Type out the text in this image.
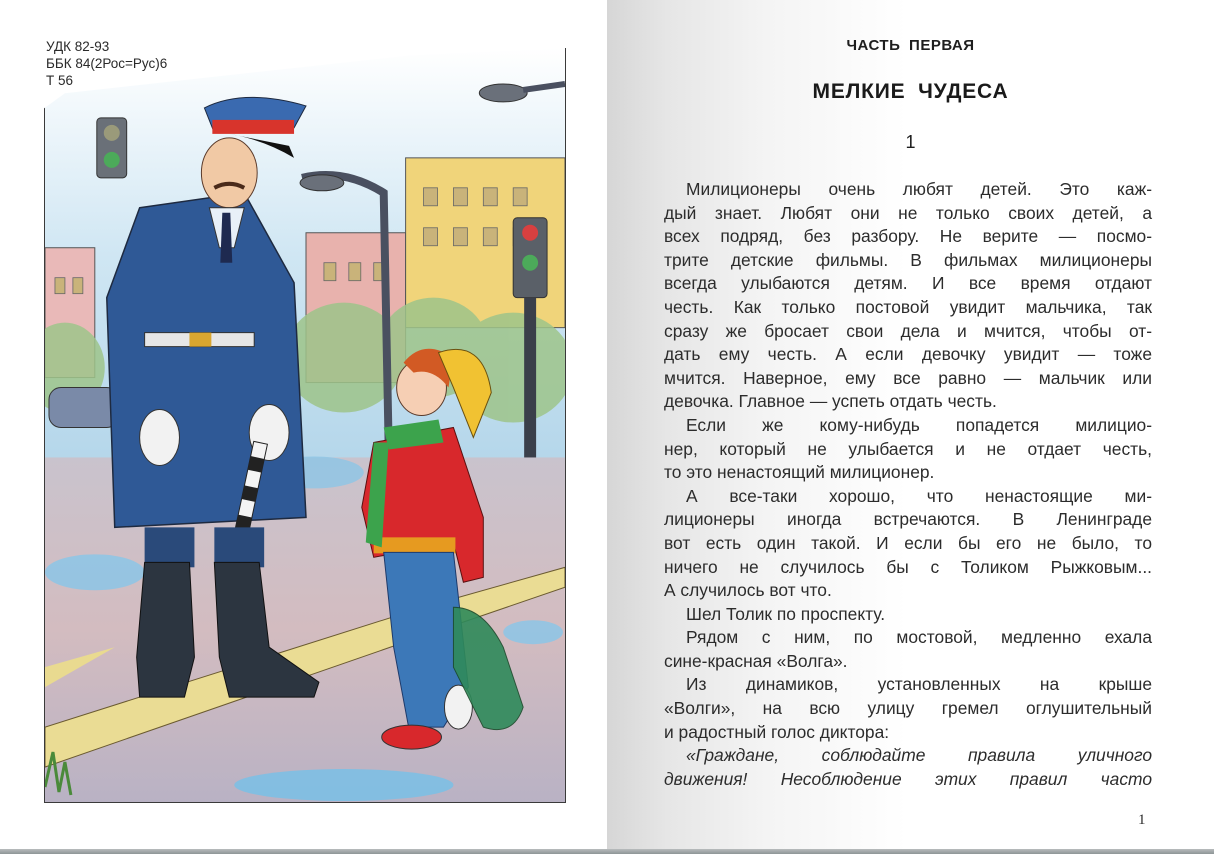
УДК 82-93
ББК 84(2Рос=Рус)6
Т 56
ЧАСТЬ ПЕРВАЯ
МЕЛКИЕ ЧУДЕСА
1
Милиционеры очень любят детей. Это каж-
дый знает. Любят они не только своих детей, а
всех подряд, без разбору. Не верите — посмо-
трите детские фильмы. В фильмах милиционеры
всегда улыбаются детям. И все время отдают
честь. Как только постовой увидит мальчика, так
сразу же бросает свои дела и мчится, чтобы от-
дать ему честь. А если девочку увидит — тоже
мчится. Наверное, ему все равно — мальчик или
девочка. Главное — успеть отдать честь.
Если же кому-нибудь попадется милицио-
нер, который не улыбается и не отдает честь,
то это ненастоящий милиционер.
А все-таки хорошо, что ненастоящие ми-
лиционеры иногда встречаются. В Ленинграде
вот есть один такой. И если бы его не было, то
ничего не случилось бы с Толиком Рыжковым...
А случилось вот что.
Шел Толик по проспекту.
Рядом с ним, по мостовой, медленно ехала
сине-красная «Волга».
Из динамиков, установленных на крыше
«Волги», на всю улицу гремел оглушительный
и радостный голос диктора:
«Граждане, соблюдайте правила уличного
движения! Несоблюдение этих правил часто
1
